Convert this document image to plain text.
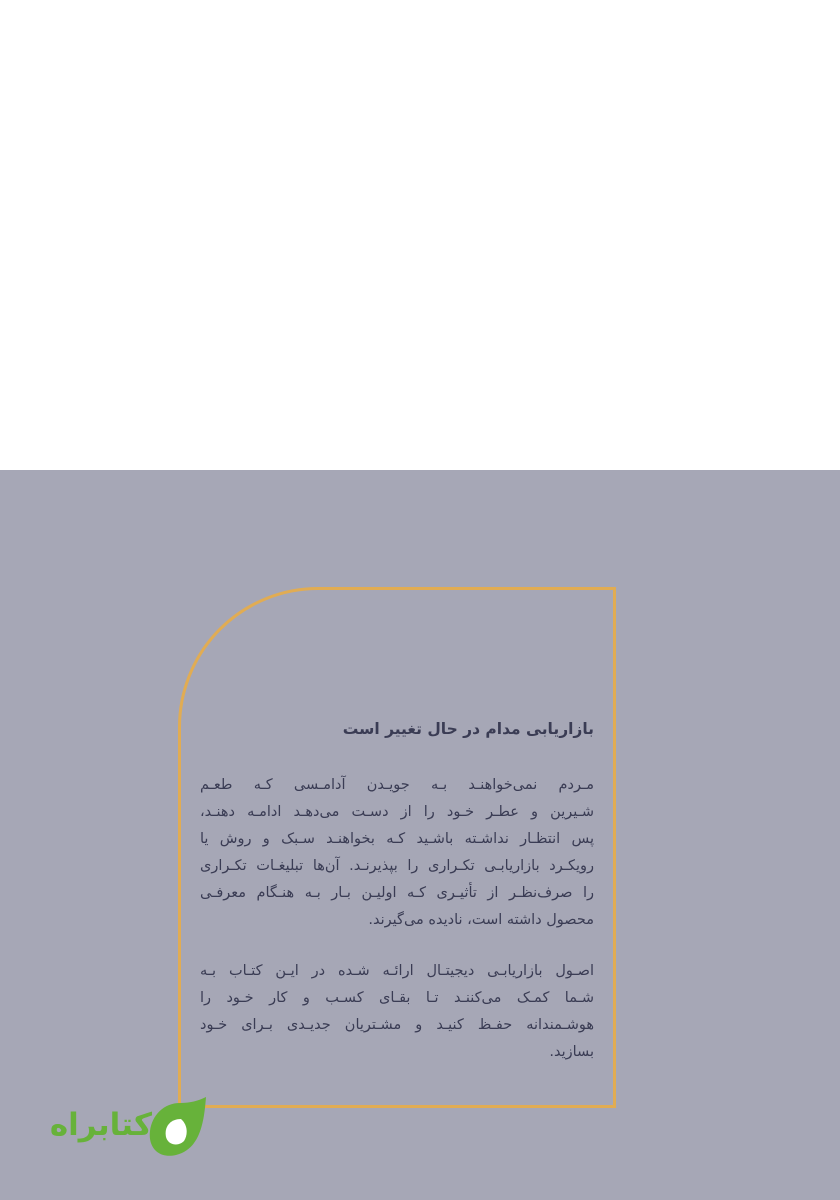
بازاریابی مدام در حال تغییر است

مـردم نمی‌خواهنـد بـه جویـدن آدامـسی کـه طعـم
شـیرین و عطـر خـود را از دسـت می‌دهـد ادامـه دهنـد،
پس انتظـار نداشـته باشـید کـه بخواهنـد سـبک و روش یا
رویکـرد بازاریابـی تکـراری را بپذیرنـد. آن‌ها تبلیغـات تکـراری
را صرف‌نظـر از تأثیـری کـه اولیـن بـار بـه هنـگام معرفـی
محصول داشته است، نادیده می‌گیرند.

اصـول بازاریابـی دیجیتـال ارائـه شـده در ایـن کتـاب بـه
شـما کمـک می‌کننـد تـا بقـای کسـب و کار خـود را
هوشـمندانه حفـظ کنیـد و مشـتریان جدیـدی بـرای خـود
بسازید.

کتابراه
